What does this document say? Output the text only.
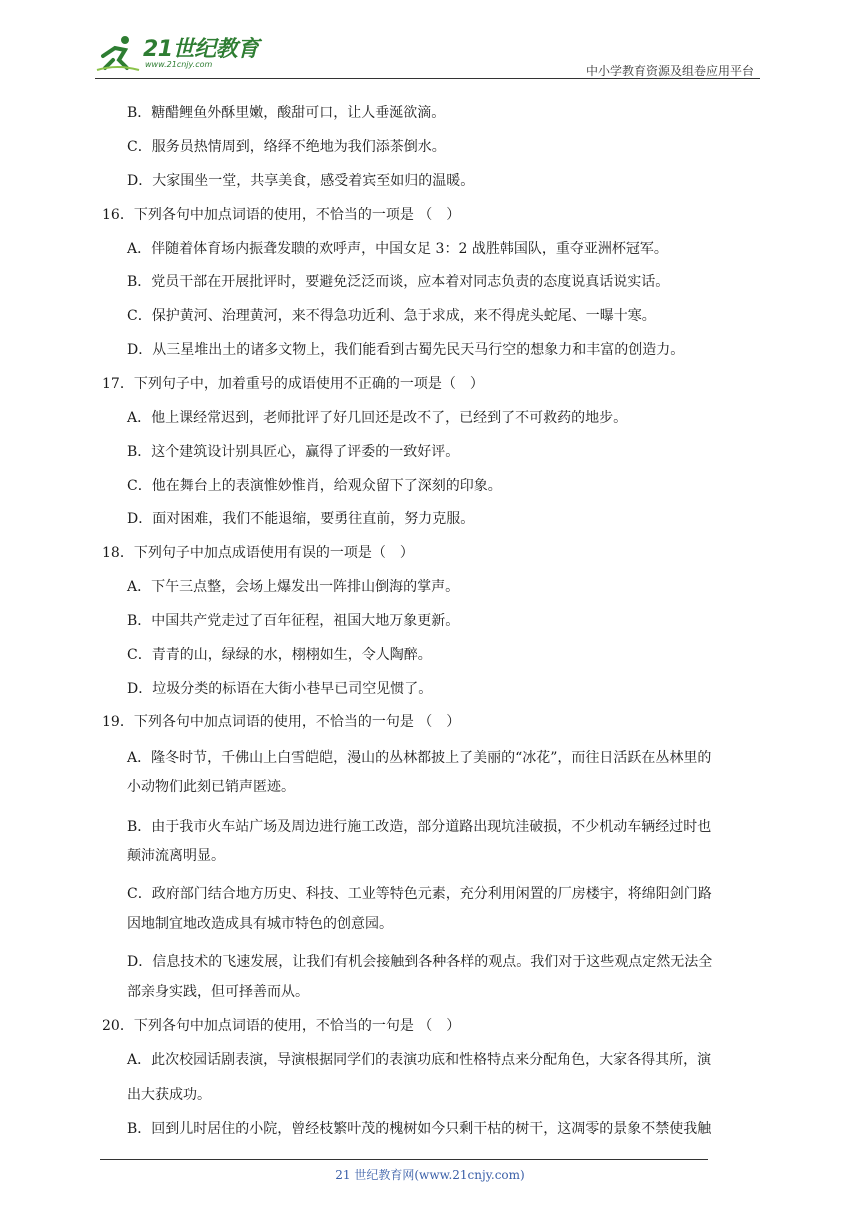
21世纪教育
www.21cnjy.com	中小学教育资源及组卷应用平台
B．糖醋鲤鱼外酥里嫩，酸甜可口，让人垂涎欲滴。
C．服务员热情周到，络绎不绝地为我们添茶倒水。
D．大家围坐一堂，共享美食，感受着宾至如归的温暖。
16．下列各句中加点词语的使用，不恰当的一项是 （　）
A．伴随着体育场内振聋发聩的欢呼声，中国女足 3：2 战胜韩国队，重夺亚洲杯冠军。
B．党员干部在开展批评时，要避免泛泛而谈，应本着对同志负责的态度说真话说实话。
C．保护黄河、治理黄河，来不得急功近利、急于求成，来不得虎头蛇尾、一曝十寒。
D．从三星堆出土的诸多文物上，我们能看到古蜀先民天马行空的想象力和丰富的创造力。
17．下列句子中，加着重号的成语使用不正确的一项是（　）
A．他上课经常迟到，老师批评了好几回还是改不了，已经到了不可救药的地步。
B．这个建筑设计别具匠心，赢得了评委的一致好评。
C．他在舞台上的表演惟妙惟肖，给观众留下了深刻的印象。
D．面对困难，我们不能退缩，要勇往直前，努力克服。
18．下列句子中加点成语使用有误的一项是（　）
A．下午三点整，会场上爆发出一阵排山倒海的掌声。
B．中国共产党走过了百年征程，祖国大地万象更新。
C．青青的山，绿绿的水，栩栩如生，令人陶醉。
D．垃圾分类的标语在大街小巷早已司空见惯了。
19．下列各句中加点词语的使用，不恰当的一句是 （　）
A．隆冬时节，千佛山上白雪皑皑，漫山的丛林都披上了美丽的“冰花”，而往日活跃在丛林里的
小动物们此刻已销声匿迹。
B．由于我市火车站广场及周边进行施工改造，部分道路出现坑洼破损，不少机动车辆经过时也
颠沛流离明显。
C．政府部门结合地方历史、科技、工业等特色元素，充分利用闲置的厂房楼宇，将绵阳剑门路
因地制宜地改造成具有城市特色的创意园。
D．信息技术的飞速发展，让我们有机会接触到各种各样的观点。我们对于这些观点定然无法全
部亲身实践，但可择善而从。
20．下列各句中加点词语的使用，不恰当的一句是 （　）
A．此次校园话剧表演，导演根据同学们的表演功底和性格特点来分配角色，大家各得其所，演
出大获成功。
B．回到儿时居住的小院，曾经枝繁叶茂的槐树如今只剩干枯的树干，这凋零的景象不禁使我触
21 世纪教育网(www.21cnjy.com)
